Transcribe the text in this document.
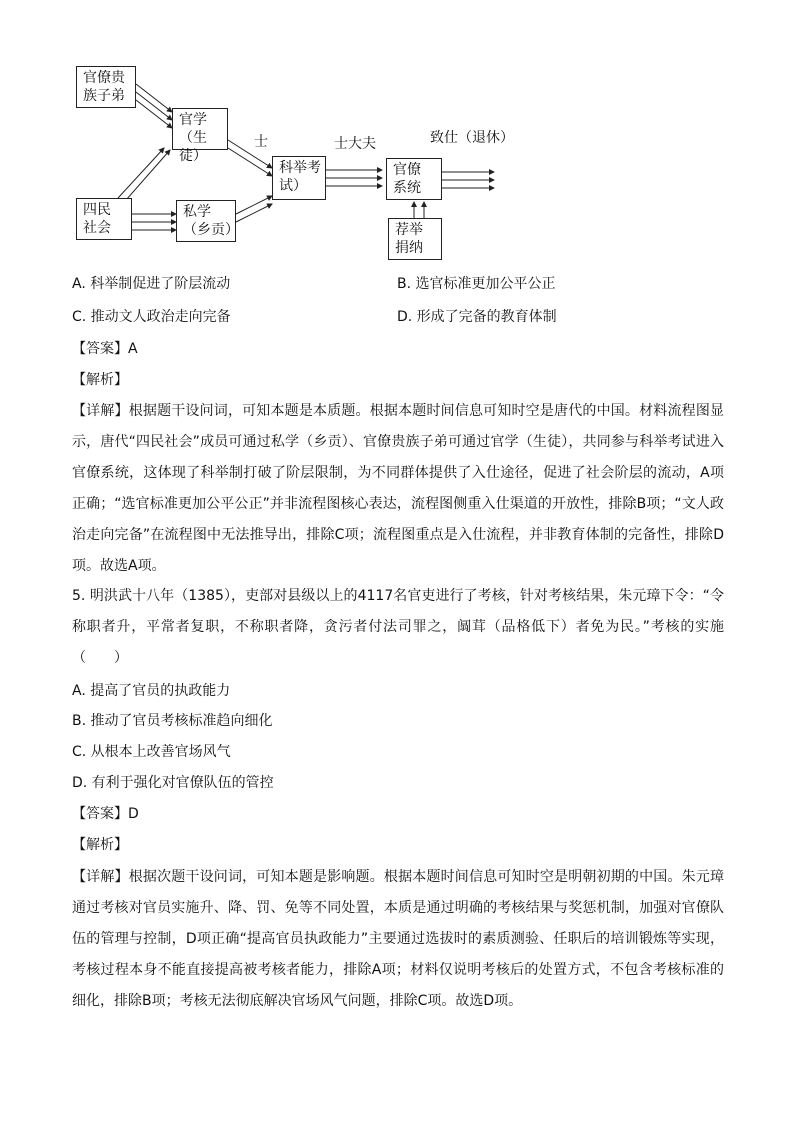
官僚贵
族子弟
官学
（生徒）
四民
社会
私学
（乡贡）
科举考
试）
官僚
系统
荐举
捐纳
士	士大夫	致仕（退休）
A. 科举制促进了阶层流动	B. 选官标准更加公平公正
C. 推动文人政治走向完备	D. 形成了完备的教育体制
【答案】A
【解析】
【详解】根据题干设问词，可知本题是本质题。根据本题时间信息可知时空是唐代的中国。材料流程图显示，唐代“四民社会”成员可通过私学（乡贡）、官僚贵族子弟可通过官学（生徒），共同参与科举考试进入官僚系统，这体现了科举制打破了阶层限制，为不同群体提供了入仕途径，促进了社会阶层的流动，A项正确；“选官标准更加公平公正”并非流程图核心表达，流程图侧重入仕渠道的开放性，排除B项；“文人政治走向完备”在流程图中无法推导出，排除C项；流程图重点是入仕流程，并非教育体制的完备性，排除D项。故选A项。
5. 明洪武十八年（1385），吏部对县级以上的4117名官吏进行了考核，针对考核结果，朱元璋下令：“令称职者升，平常者复职，不称职者降，贪污者付法司罪之，阘茸（品格低下）者免为民。”考核的实施（　　）
A. 提高了官员的执政能力
B. 推动了官员考核标准趋向细化
C. 从根本上改善官场风气
D. 有利于强化对官僚队伍的管控
【答案】D
【解析】
【详解】根据次题干设问词，可知本题是影响题。根据本题时间信息可知时空是明朝初期的中国。朱元璋通过考核对官员实施升、降、罚、免等不同处置，本质是通过明确的考核结果与奖惩机制，加强对官僚队伍的管理与控制，D项正确“提高官员执政能力”主要通过选拔时的素质测验、任职后的培训锻炼等实现，考核过程本身不能直接提高被考核者能力，排除A项；材料仅说明考核后的处置方式，不包含考核标准的细化，排除B项；考核无法彻底解决官场风气问题，排除C项。故选D项。
